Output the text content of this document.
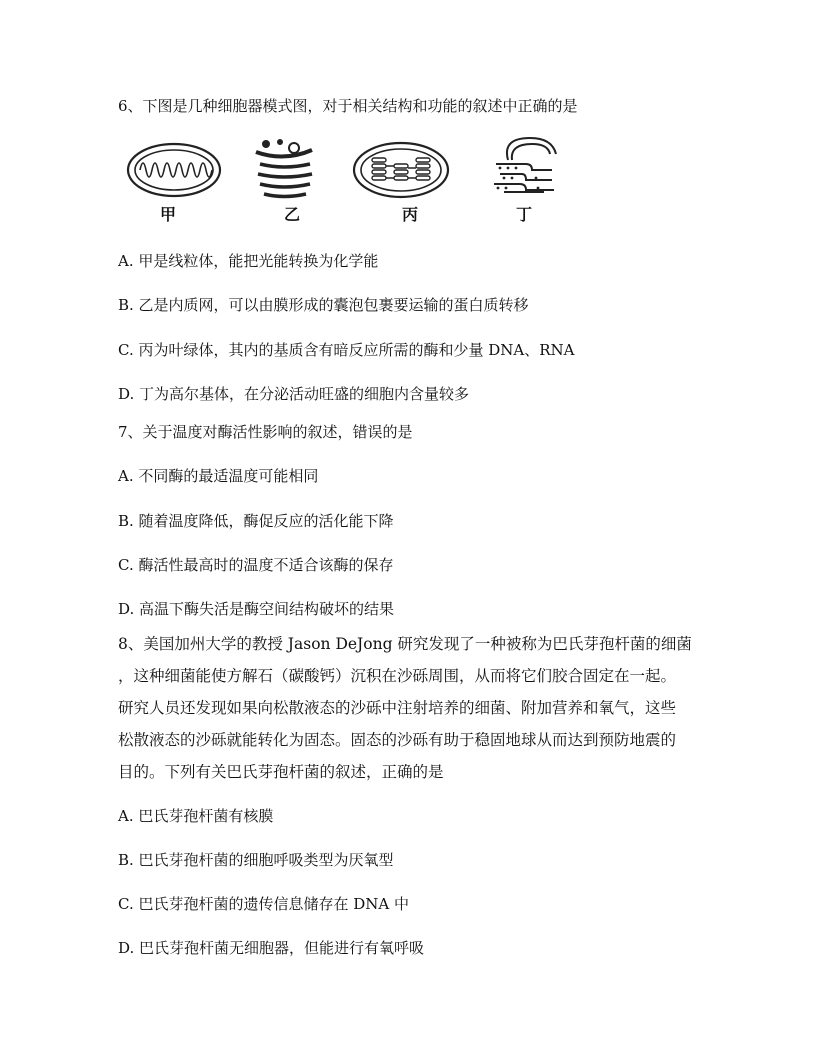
6、下图是几种细胞器模式图，对于相关结构和功能的叙述中正确的是
甲	乙	丙	丁
A. 甲是线粒体，能把光能转换为化学能
B. 乙是内质网，可以由膜形成的囊泡包裹要运输的蛋白质转移
C. 丙为叶绿体，其内的基质含有暗反应所需的酶和少量 DNA、RNA
D. 丁为高尔基体，在分泌活动旺盛的细胞内含量较多
7、关于温度对酶活性影响的叙述，错误的是
A. 不同酶的最适温度可能相同
B. 随着温度降低，酶促反应的活化能下降
C. 酶活性最高时的温度不适合该酶的保存
D. 高温下酶失活是酶空间结构破坏的结果
8、美国加州大学的教授 Jason DeJong 研究发现了一种被称为巴氏芽孢杆菌的细菌
，这种细菌能使方解石（碳酸钙）沉积在沙砾周围，从而将它们胶合固定在一起。
研究人员还发现如果向松散液态的沙砾中注射培养的细菌、附加营养和氧气，这些
松散液态的沙砾就能转化为固态。固态的沙砾有助于稳固地球从而达到预防地震的
目的。下列有关巴氏芽孢杆菌的叙述，正确的是
A. 巴氏芽孢杆菌有核膜
B. 巴氏芽孢杆菌的细胞呼吸类型为厌氧型
C. 巴氏芽孢杆菌的遗传信息储存在 DNA 中
D. 巴氏芽孢杆菌无细胞器，但能进行有氧呼吸
